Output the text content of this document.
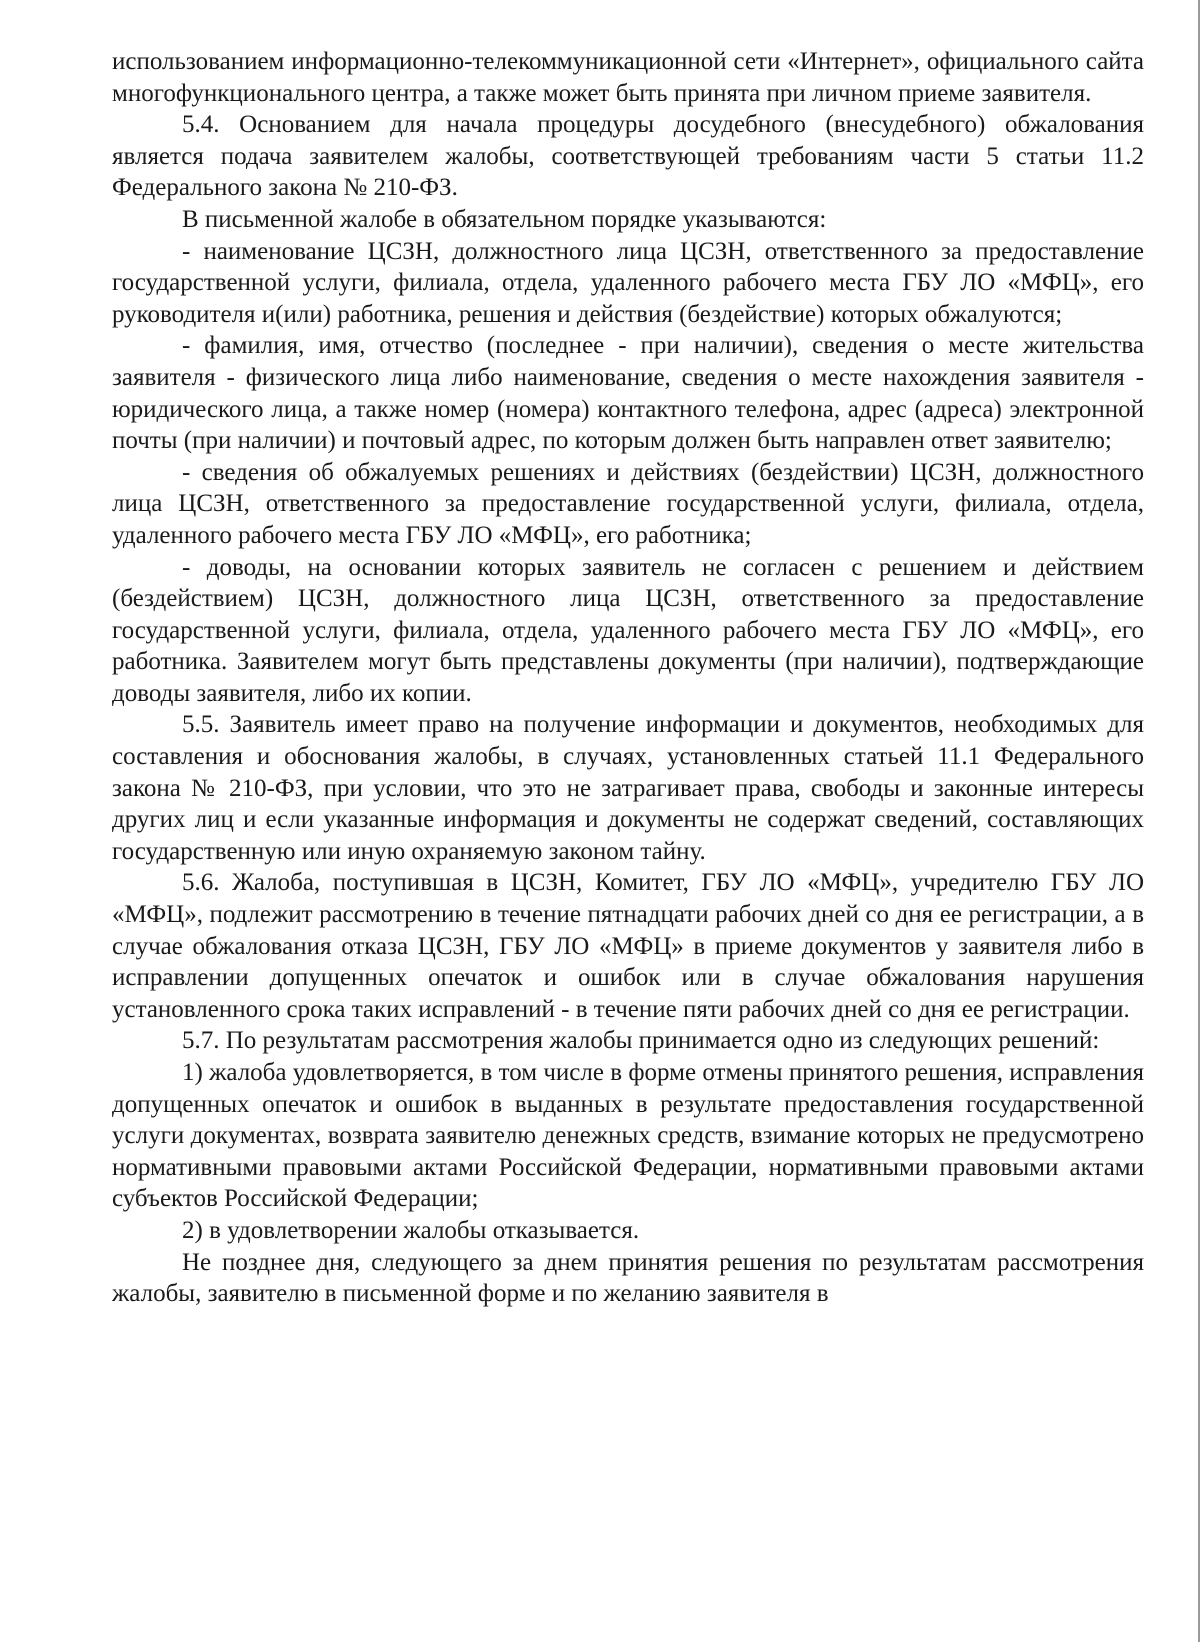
использованием информационно-телекоммуникационной сети «Интернет», официального сайта многофункционального центра, а также может быть принята при личном приеме заявителя.

5.4. Основанием для начала процедуры досудебного (внесудебного) обжалования является подача заявителем жалобы, соответствующей требованиям части 5 статьи 11.2 Федерального закона № 210-ФЗ.

В письменной жалобе в обязательном порядке указываются:

- наименование ЦСЗН, должностного лица ЦСЗН, ответственного за предоставление государственной услуги, филиала, отдела, удаленного рабочего места ГБУ ЛО «МФЦ», его руководителя и(или) работника, решения и действия (бездействие) которых обжалуются;

- фамилия, имя, отчество (последнее - при наличии), сведения о месте жительства заявителя - физического лица либо наименование, сведения о месте нахождения заявителя - юридического лица, а также номер (номера) контактного телефона, адрес (адреса) электронной почты (при наличии) и почтовый адрес, по которым должен быть направлен ответ заявителю;

- сведения об обжалуемых решениях и действиях (бездействии) ЦСЗН, должностного лица ЦСЗН, ответственного за предоставление государственной услуги, филиала, отдела, удаленного рабочего места ГБУ ЛО «МФЦ», его работника;

- доводы, на основании которых заявитель не согласен с решением и действием (бездействием) ЦСЗН, должностного лица ЦСЗН, ответственного за предоставление государственной услуги, филиала, отдела, удаленного рабочего места ГБУ ЛО «МФЦ», его работника. Заявителем могут быть представлены документы (при наличии), подтверждающие доводы заявителя, либо их копии.

5.5. Заявитель имеет право на получение информации и документов, необходимых для составления и обоснования жалобы, в случаях, установленных статьей 11.1 Федерального закона № 210-ФЗ, при условии, что это не затрагивает права, свободы и законные интересы других лиц и если указанные информация и документы не содержат сведений, составляющих государственную или иную охраняемую законом тайну.

5.6. Жалоба, поступившая в ЦСЗН, Комитет, ГБУ ЛО «МФЦ», учредителю ГБУ ЛО «МФЦ», подлежит рассмотрению в течение пятнадцати рабочих дней со дня ее регистрации, а в случае обжалования отказа ЦСЗН, ГБУ ЛО «МФЦ» в приеме документов у заявителя либо в исправлении допущенных опечаток и ошибок или в случае обжалования нарушения установленного срока таких исправлений - в течение пяти рабочих дней со дня ее регистрации.

5.7. По результатам рассмотрения жалобы принимается одно из следующих решений:

1) жалоба удовлетворяется, в том числе в форме отмены принятого решения, исправления допущенных опечаток и ошибок в выданных в результате предоставления государственной услуги документах, возврата заявителю денежных средств, взимание которых не предусмотрено нормативными правовыми актами Российской Федерации, нормативными правовыми актами субъектов Российской Федерации;

2) в удовлетворении жалобы отказывается.

Не позднее дня, следующего за днем принятия решения по результатам рассмотрения жалобы, заявителю в письменной форме и по желанию заявителя в
